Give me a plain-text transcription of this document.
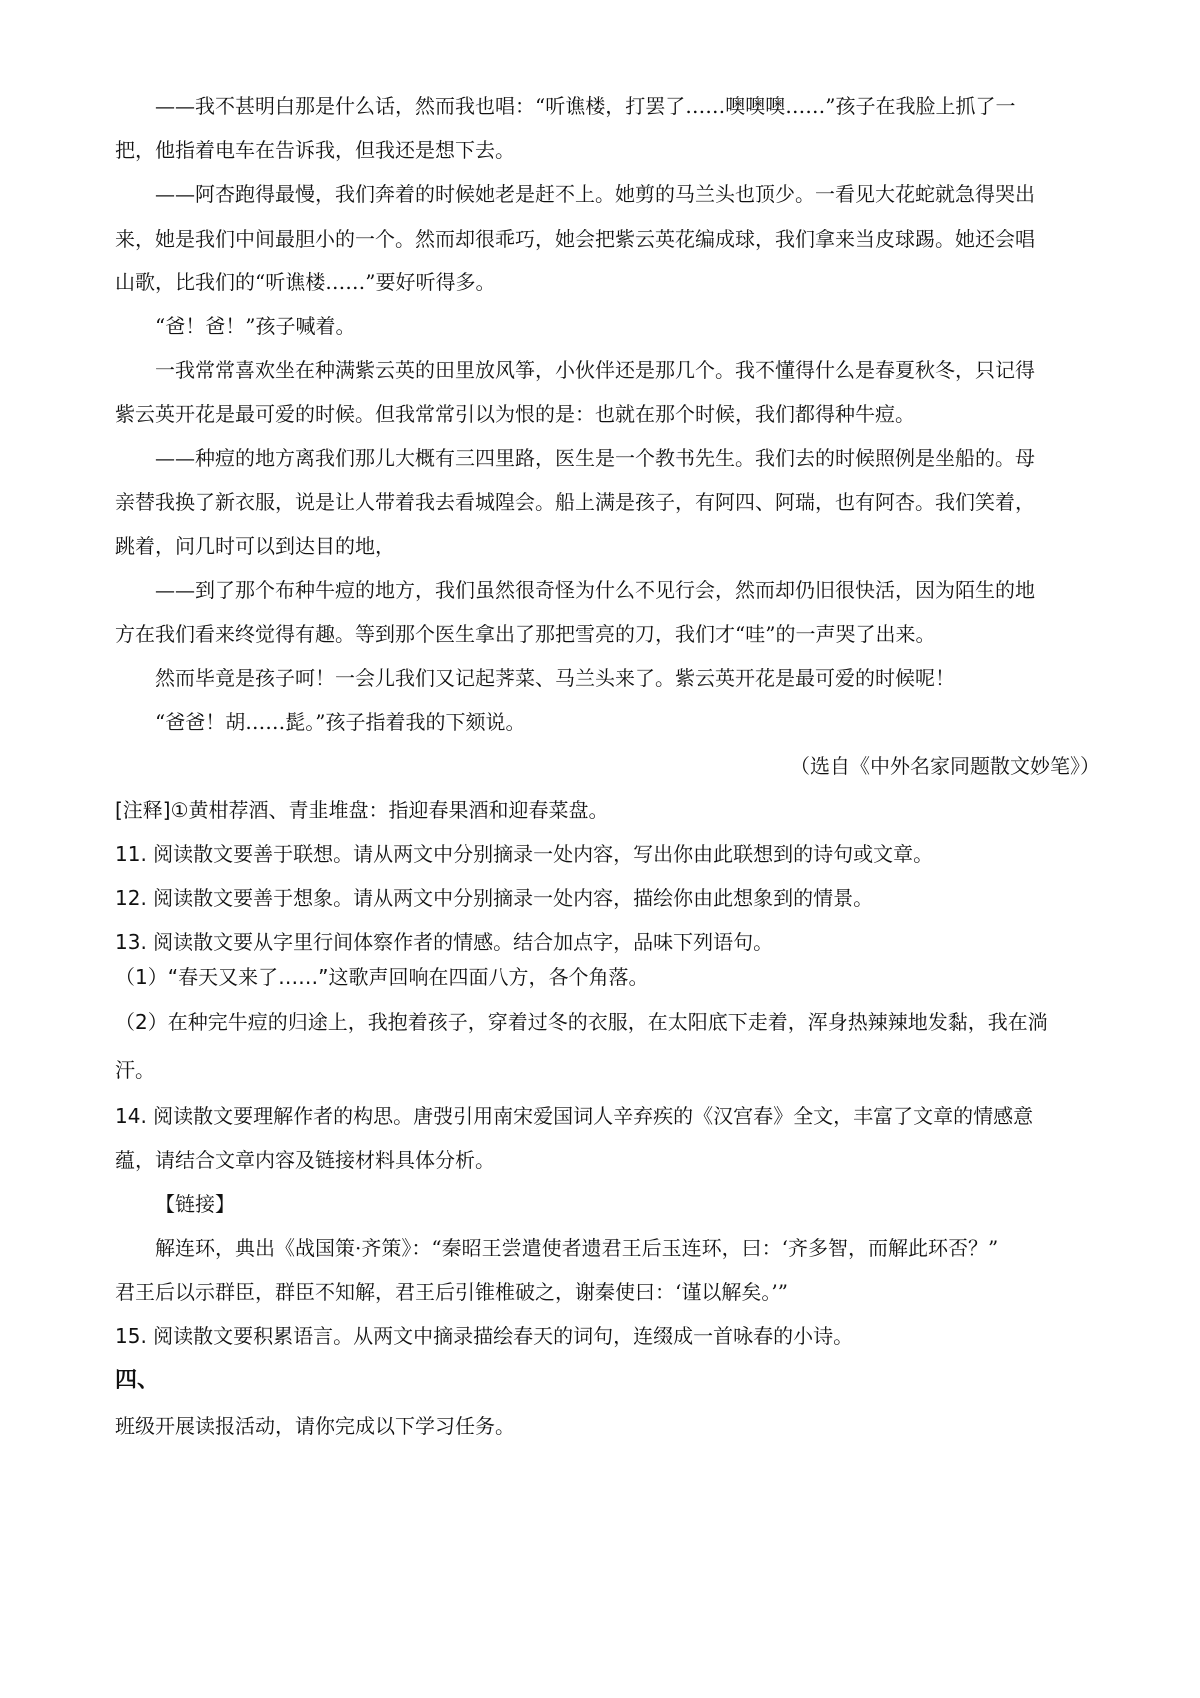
——我不甚明白那是什么话，然而我也唱：“听谯楼，打罢了……噢噢噢……”孩子在我脸上抓了一
把，他指着电车在告诉我，但我还是想下去。
——阿杏跑得最慢，我们奔着的时候她老是赶不上。她剪的马兰头也顶少。一看见大花蛇就急得哭出
来，她是我们中间最胆小的一个。然而却很乖巧，她会把紫云英花编成球，我们拿来当皮球踢。她还会唱
山歌，比我们的“听谯楼……”要好听得多。
“爸！爸！”孩子喊着。
一我常常喜欢坐在种满紫云英的田里放风筝，小伙伴还是那几个。我不懂得什么是春夏秋冬，只记得
紫云英开花是最可爱的时候。但我常常引以为恨的是：也就在那个时候，我们都得种牛痘。
——种痘的地方离我们那儿大概有三四里路，医生是一个教书先生。我们去的时候照例是坐船的。母
亲替我换了新衣服，说是让人带着我去看城隍会。船上满是孩子，有阿四、阿瑞，也有阿杏。我们笑着，
跳着，问几时可以到达目的地，
——到了那个布种牛痘的地方，我们虽然很奇怪为什么不见行会，然而却仍旧很快活，因为陌生的地
方在我们看来终觉得有趣。等到那个医生拿出了那把雪亮的刀，我们才“哇”的一声哭了出来。
然而毕竟是孩子呵！一会儿我们又记起荠菜、马兰头来了。紫云英开花是最可爱的时候呢！
“爸爸！胡……髭。”孩子指着我的下颏说。
（选自《中外名家同题散文妙笔》）
[注释]①黄柑荐酒、青韭堆盘：指迎春果酒和迎春菜盘。
11. 阅读散文要善于联想。请从两文中分别摘录一处内容，写出你由此联想到的诗句或文章。
12. 阅读散文要善于想象。请从两文中分别摘录一处内容，描绘你由此想象到的情景。
13. 阅读散文要从字里行间体察作者的情感。结合加点字，品味下列语句。
（1）“春天又来了……”这歌声回响在四面八方，各个角落。
（2）在种完牛痘的归途上，我抱着孩子，穿着过冬的衣服，在太阳底下走着，浑身热辣辣地发黏，我在淌
汗。
14. 阅读散文要理解作者的构思。唐弢引用南宋爱国词人辛弃疾的《汉宫春》全文，丰富了文章的情感意
蕴，请结合文章内容及链接材料具体分析。
【链接】
解连环，典出《战国策·齐策》：“秦昭王尝遣使者遗君王后玉连环，曰：‘齐多智，而解此环否？”
君王后以示群臣，群臣不知解，君王后引锥椎破之，谢秦使曰：‘谨以解矣。’”
15. 阅读散文要积累语言。从两文中摘录描绘春天的词句，连缀成一首咏春的小诗。
四、
班级开展读报活动，请你完成以下学习任务。
